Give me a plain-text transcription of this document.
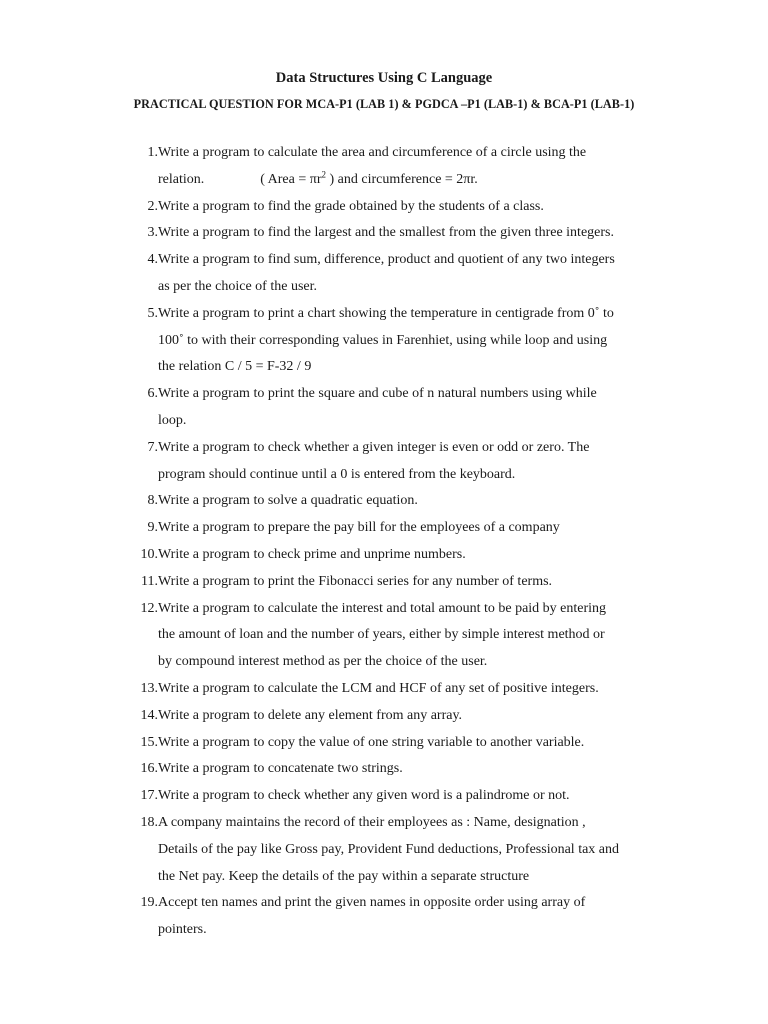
Data Structures Using C Language
PRACTICAL QUESTION FOR MCA-P1 (LAB 1) & PGDCA –P1 (LAB-1) & BCA-P1 (LAB-1)
1. Write a program to calculate the area and circumference of a circle using the
relation.	( Area = $\pi r^2$ ) and circumference = 2πr.
2. Write a program to find the grade obtained by the students of a class.
3. Write a program to find the largest and the smallest from the given three integers.
4. Write a program to find sum, difference, product and quotient of any two integers
as per the choice of the user.
5. Write a program to print a chart showing the temperature in centigrade from 0˚ to
100˚ to with their corresponding values in Farenhiet, using while loop and using
the relation C / 5 = F-32 / 9
6. Write a program to print the square and cube of n natural numbers using while
loop.
7. Write a program to check whether a given integer is even or odd or zero. The
program should continue until a 0 is entered from the keyboard.
8. Write a program to solve a quadratic equation.
9. Write a program to prepare the pay bill for the employees of a company
10. Write a program to check prime and unprime numbers.
11. Write a program to print the Fibonacci series for any number of terms.
12. Write a program to calculate the interest and total amount to be paid by entering
the amount of loan and the number of years, either by simple interest method or
by compound interest method as per the choice of the user.
13. Write a program to calculate the LCM and HCF of any set of positive integers.
14. Write a program to delete any element from any array.
15. Write a program to copy the value of one string variable to another variable.
16. Write a program to concatenate two strings.
17. Write a program to check whether any given word is a palindrome or not.
18. A company maintains the record of their employees as : Name, designation ,
Details of the pay like Gross pay, Provident Fund deductions, Professional tax and
the Net pay. Keep the details of the pay within a separate structure
19. Accept ten names and print the given names in opposite order using array of
pointers.
